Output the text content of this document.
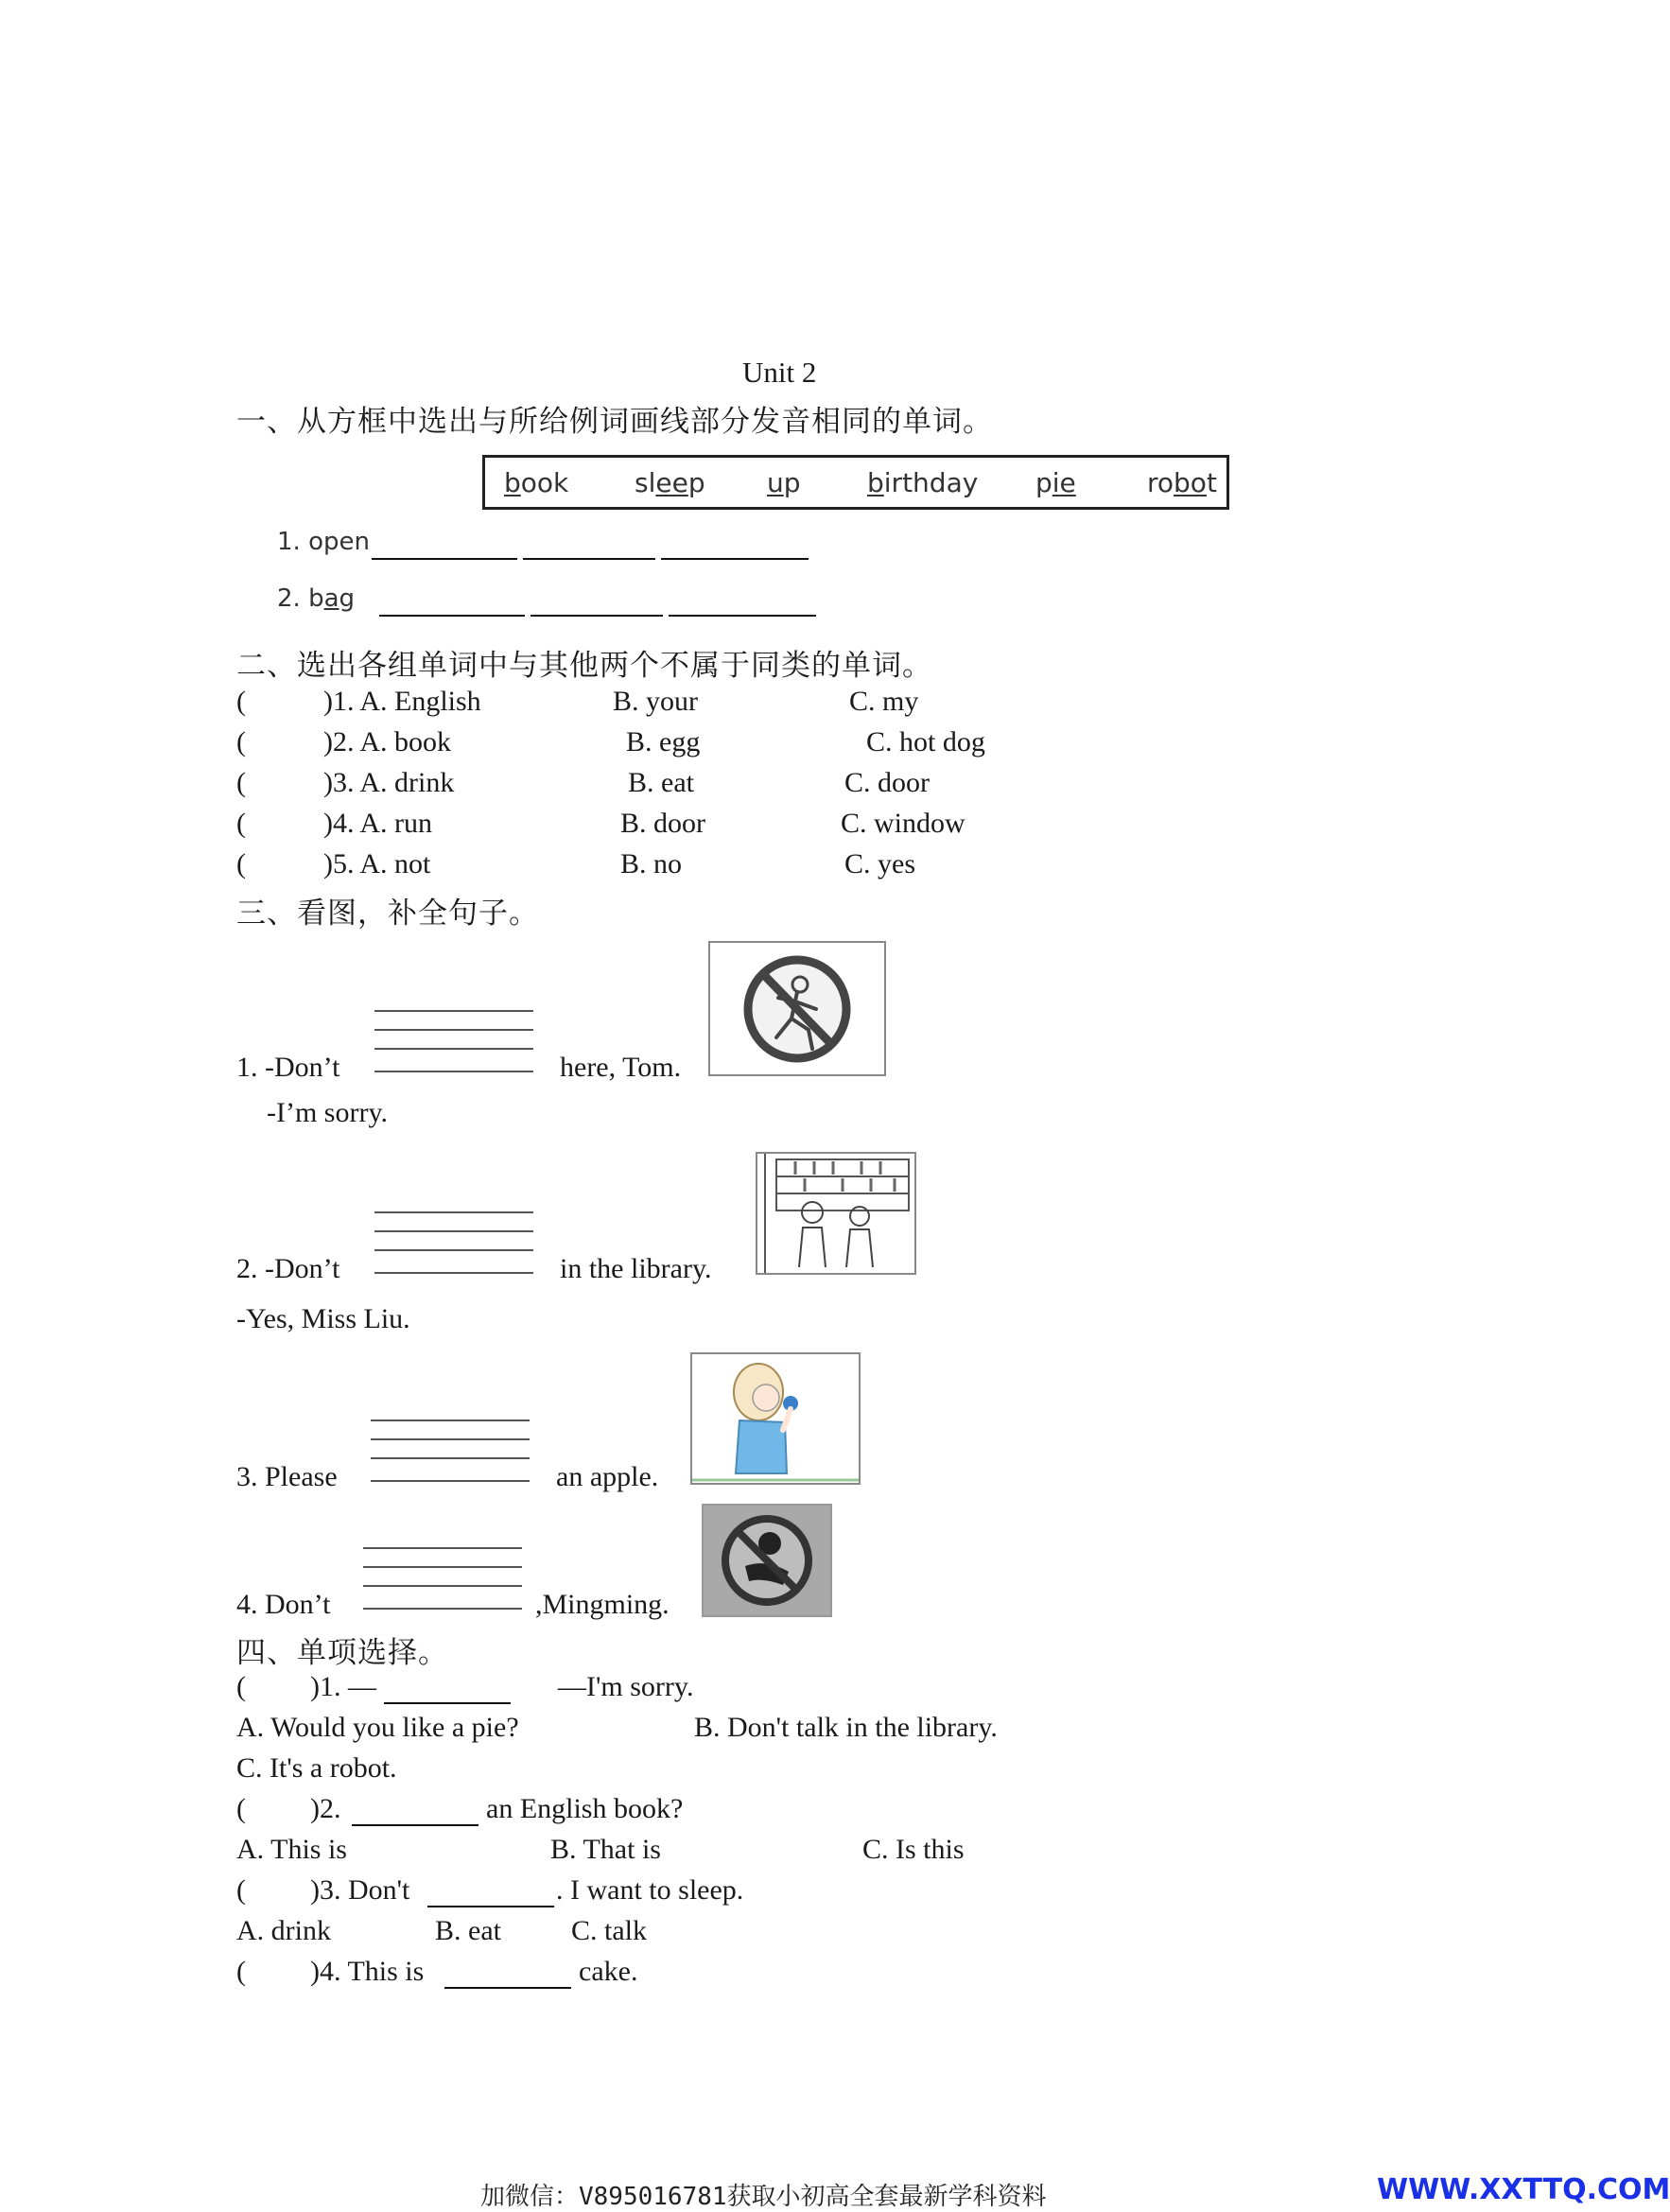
Unit 2
一、从方框中选出与所给例词画线部分发音相同的单词。
book sleep up	birthday pie	robot
1. open
2. bag
二、选出各组单词中与其他两个不属于同类的单词。
(	)1. A. English	B. your	C. my
(	)2. A. book	B. egg	C. hot dog
(	)3. A. drink	B. eat	C. door
(	)4. A. run	B. door	C. window
(	)5. A. not	B. no	C. yes
三、看图，补全句子。
1. -Don’t	here, Tom.
-I’m sorry.
2. -Don’t	in the library.
-Yes, Miss Liu.
3. Please	an apple.
4. Don’t	,Mingming.
四、单项选择。
( )1. —	—I'm sorry.
A. Would you like a pie?	B. Don't talk in the library.
C. It's a robot.
( )2.	an English book?
A. This is	B. That is	C. Is this
( )3. Don't	. I want to sleep.
A. drink	B. eat C. talk
( )4. This is	cake.
加微信：V895016781获取小初高全套最新学科资料	WWW.XXTTQ.COM
